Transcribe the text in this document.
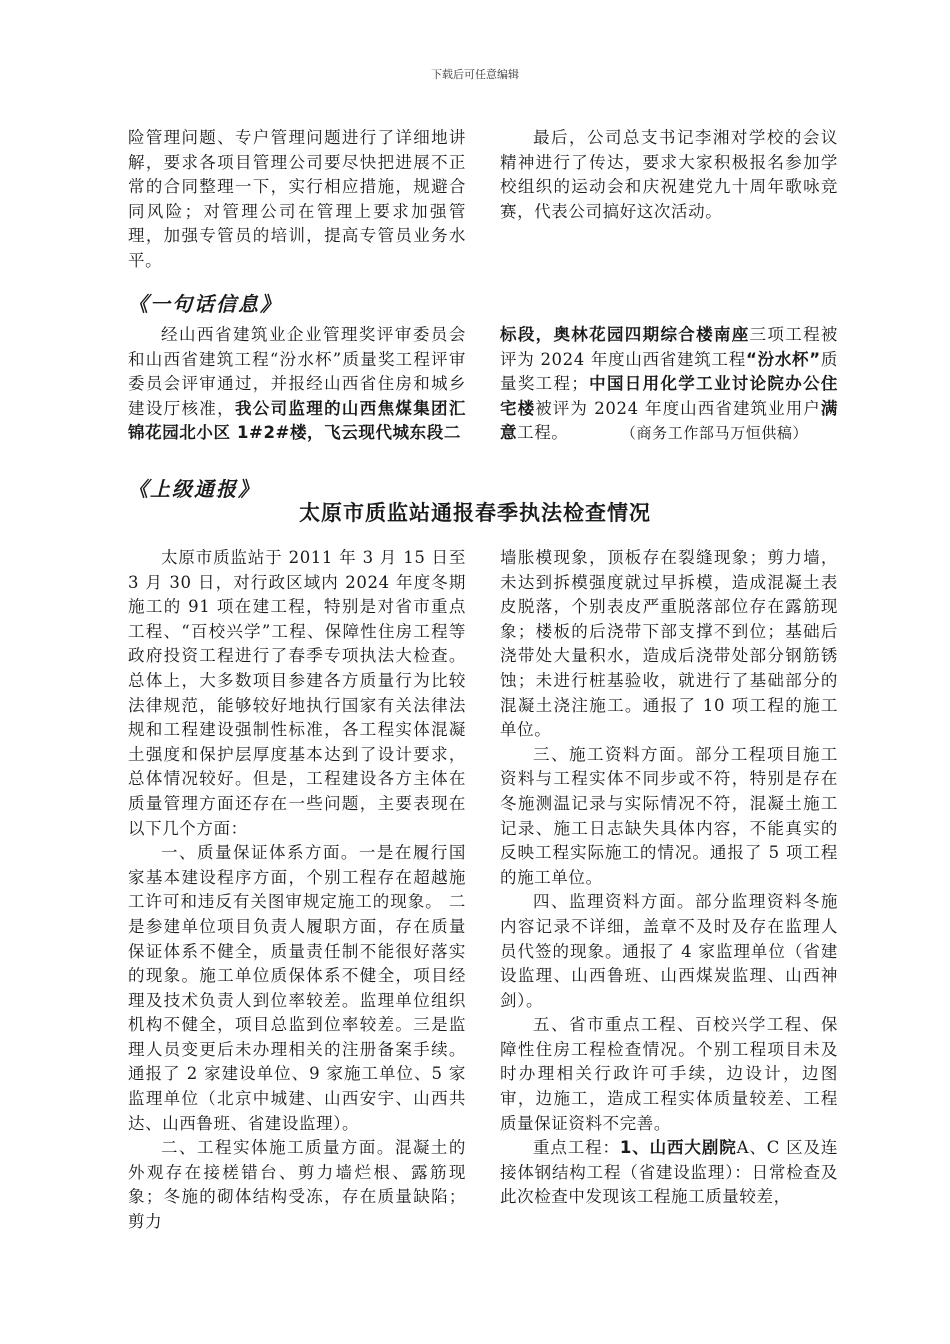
下载后可任意编辑

险管理问题、专户管理问题进行了详细地讲解，要求各项目管理公司要尽快把进展不正常的合同整理一下，实行相应措施，规避合同风险；对管理公司在管理上要求加强管理，加强专管员的培训，提高专管员业务水平。

最后，公司总支书记李湘对学校的会议精神进行了传达，要求大家积极报名参加学校组织的运动会和庆祝建党九十周年歌咏竞赛，代表公司搞好这次活动。

《一句话信息》

经山西省建筑业企业管理奖评审委员会和山西省建筑工程“汾水杯”质量奖工程评审委员会评审通过，并报经山西省住房和城乡建设厅核准，我公司监理的山西焦煤集团汇锦花园北小区 1#2#楼，飞云现代城东段二

标段，奥林花园四期综合楼南座三项工程被评为 2024 年度山西省建筑工程“汾水杯”质量奖工程；中国日用化学工业讨论院办公住宅楼被评为 2024 年度山西省建筑业用户满意工程。	（商务工作部马万恒供稿）

《上级通报》
太原市质监站通报春季执法检查情况

太原市质监站于 2011 年 3 月 15 日至 3 月 30 日，对行政区域内 2024 年度冬期施工的 91 项在建工程，特别是对省市重点工程、“百校兴学”工程、保障性住房工程等政府投资工程进行了春季专项执法大检查。总体上，大多数项目参建各方质量行为比较法律规范，能够较好地执行国家有关法律法规和工程建设强制性标准，各工程实体混凝土强度和保护层厚度基本达到了设计要求，总体情况较好。但是，工程建设各方主体在质量管理方面还存在一些问题，主要表现在以下几个方面：

一、质量保证体系方面。一是在履行国家基本建设程序方面，个别工程存在超越施工许可和违反有关图审规定施工的现象。 二是参建单位项目负责人履职方面，存在质量保证体系不健全，质量责任制不能很好落实的现象。施工单位质保体系不健全，项目经理及技术负责人到位率较差。监理单位组织机构不健全，项目总监到位率较差。三是监理人员变更后未办理相关的注册备案手续。通报了 2 家建设单位、9 家施工单位、5 家监理单位（北京中城建、山西安宇、山西共达、山西鲁班、省建设监理）。

二、工程实体施工质量方面。混凝土的外观存在接槎错台、剪力墙烂根、露筋现象；冬施的砌体结构受冻，存在质量缺陷；剪力

墙胀模现象，顶板存在裂缝现象；剪力墙，未达到拆模强度就过早拆模，造成混凝土表皮脱落，个别表皮严重脱落部位存在露筋现象；楼板的后浇带下部支撑不到位；基础后浇带处大量积水，造成后浇带处部分钢筋锈蚀；未进行桩基验收，就进行了基础部分的混凝土浇注施工。通报了 10 项工程的施工单位。

三、施工资料方面。部分工程项目施工资料与工程实体不同步或不符，特别是存在冬施测温记录与实际情况不符，混凝土施工记录、施工日志缺失具体内容，不能真实的反映工程实际施工的情况。通报了 5 项工程的施工单位。

四、监理资料方面。部分监理资料冬施内容记录不详细，盖章不及时及存在监理人员代签的现象。通报了 4 家监理单位（省建设监理、山西鲁班、山西煤炭监理、山西神剑）。

五、省市重点工程、百校兴学工程、保障性住房工程检查情况。个别工程项目未及时办理相关行政许可手续，边设计，边图审，边施工，造成工程实体质量较差、工程质量保证资料不完善。

重点工程：1、山西大剧院A、C 区及连接体钢结构工程（省建设监理）：日常检查及此次检查中发现该工程施工质量较差，
